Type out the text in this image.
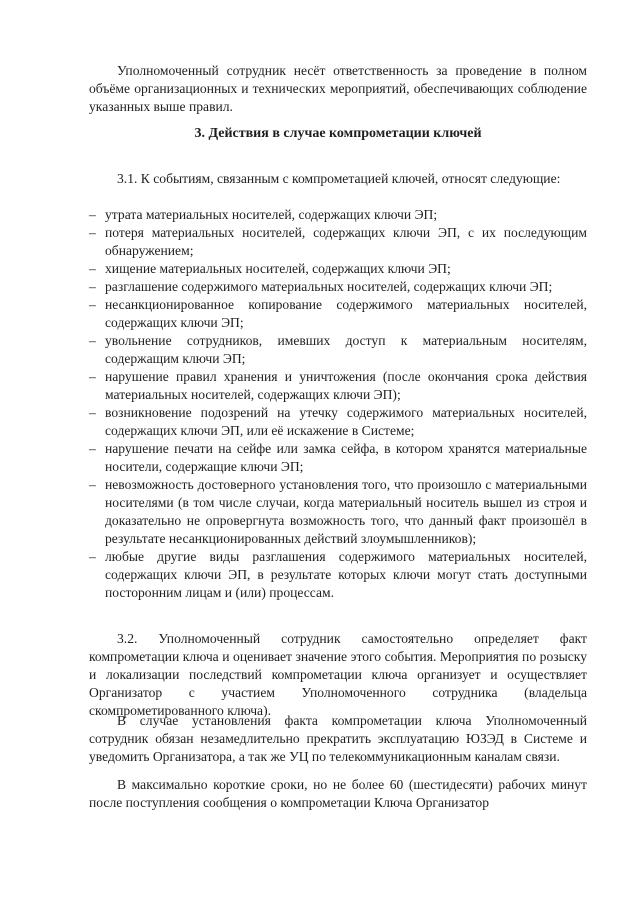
Уполномоченный сотрудник несёт ответственность за проведение в полном объёме организационных и технических мероприятий, обеспечивающих соблюдение указанных выше правил.

3. Действия в случае компрометации ключей

3.1. К событиям, связанным с компрометацией ключей, относят следующие:

– утрата материальных носителей, содержащих ключи ЭП;
– потеря материальных носителей, содержащих ключи ЭП, с их последующим обнаружением;
– хищение материальных носителей, содержащих ключи ЭП;
– разглашение содержимого материальных носителей, содержащих ключи ЭП;
– несанкционированное копирование содержимого материальных носителей, содержащих ключи ЭП;
– увольнение сотрудников, имевших доступ к материальным носителям, содержащим ключи ЭП;
– нарушение правил хранения и уничтожения (после окончания срока действия материальных носителей, содержащих ключи ЭП);
– возникновение подозрений на утечку содержимого материальных носителей, содержащих ключи ЭП, или её искажение в Системе;
– нарушение печати на сейфе или замка сейфа, в котором хранятся материальные носители, содержащие ключи ЭП;
– невозможность достоверного установления того, что произошло с материальными носителями (в том числе случаи, когда материальный носитель вышел из строя и доказательно не опровергнута возможность того, что данный факт произошёл в результате несанкционированных действий злоумышленников);
– любые другие виды разглашения содержимого материальных носителей, содержащих ключи ЭП, в результате которых ключи могут стать доступными посторонним лицам и (или) процессам.

3.2. Уполномоченный сотрудник самостоятельно определяет факт компрометации ключа и оценивает значение этого события. Мероприятия по розыску и локализации последствий компрометации ключа организует и осуществляет Организатор с участием Уполномоченного сотрудника (владельца скомпрометированного ключа).

В случае установления факта компрометации ключа Уполномоченный сотрудник обязан незамедлительно прекратить эксплуатацию ЮЗЭД в Системе и уведомить Организатора, а так же УЦ по телекоммуникационным каналам связи.

В максимально короткие сроки, но не более 60 (шестидесяти) рабочих минут после поступления сообщения о компрометации Ключа Организатор
